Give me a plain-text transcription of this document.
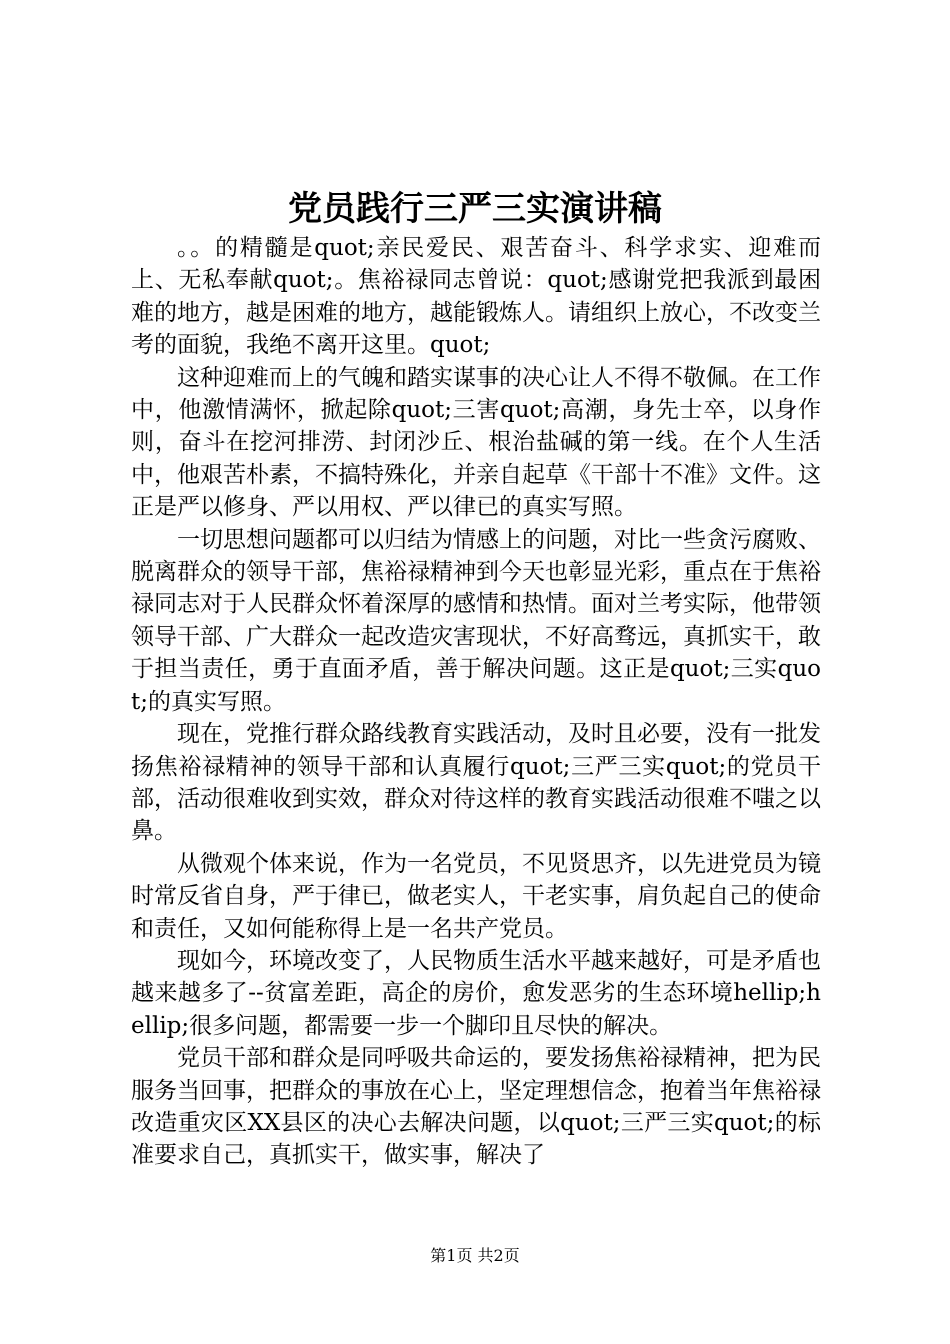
党员践行三严三实演讲稿

。。的精髓是quot;亲民爱民、艰苦奋斗、科学求实、迎难而上、无私奉献quot;。焦裕禄同志曾说：quot;感谢党把我派到最困难的地方，越是困难的地方，越能锻炼人。请组织上放心，不改变兰考的面貌，我绝不离开这里。quot;

这种迎难而上的气魄和踏实谋事的决心让人不得不敬佩。在工作中，他激情满怀，掀起除quot;三害quot;高潮，身先士卒，以身作则，奋斗在挖河排涝、封闭沙丘、根治盐碱的第一线。在个人生活中，他艰苦朴素，不搞特殊化，并亲自起草《干部十不准》文件。这正是严以修身、严以用权、严以律已的真实写照。

一切思想问题都可以归结为情感上的问题，对比一些贪污腐败、脱离群众的领导干部，焦裕禄精神到今天也彰显光彩，重点在于焦裕禄同志对于人民群众怀着深厚的感情和热情。面对兰考实际，他带领领导干部、广大群众一起改造灾害现状，不好高骛远，真抓实干，敢于担当责任，勇于直面矛盾，善于解决问题。这正是quot;三实quot;的真实写照。

现在，党推行群众路线教育实践活动，及时且必要，没有一批发扬焦裕禄精神的领导干部和认真履行quot;三严三实quot;的党员干部，活动很难收到实效，群众对待这样的教育实践活动很难不嗤之以鼻。

从微观个体来说，作为一名党员，不见贤思齐，以先进党员为镜时常反省自身，严于律已，做老实人，干老实事，肩负起自己的使命和责任，又如何能称得上是一名共产党员。

现如今，环境改变了，人民物质生活水平越来越好，可是矛盾也越来越多了--贫富差距，高企的房价，愈发恶劣的生态环境hellip;hellip;很多问题，都需要一步一个脚印且尽快的解决。

党员干部和群众是同呼吸共命运的，要发扬焦裕禄精神，把为民服务当回事，把群众的事放在心上，坚定理想信念，抱着当年焦裕禄改造重灾区XX县区的决心去解决问题，以quot;三严三实quot;的标准要求自己，真抓实干，做实事，解决了

第1页 共2页
